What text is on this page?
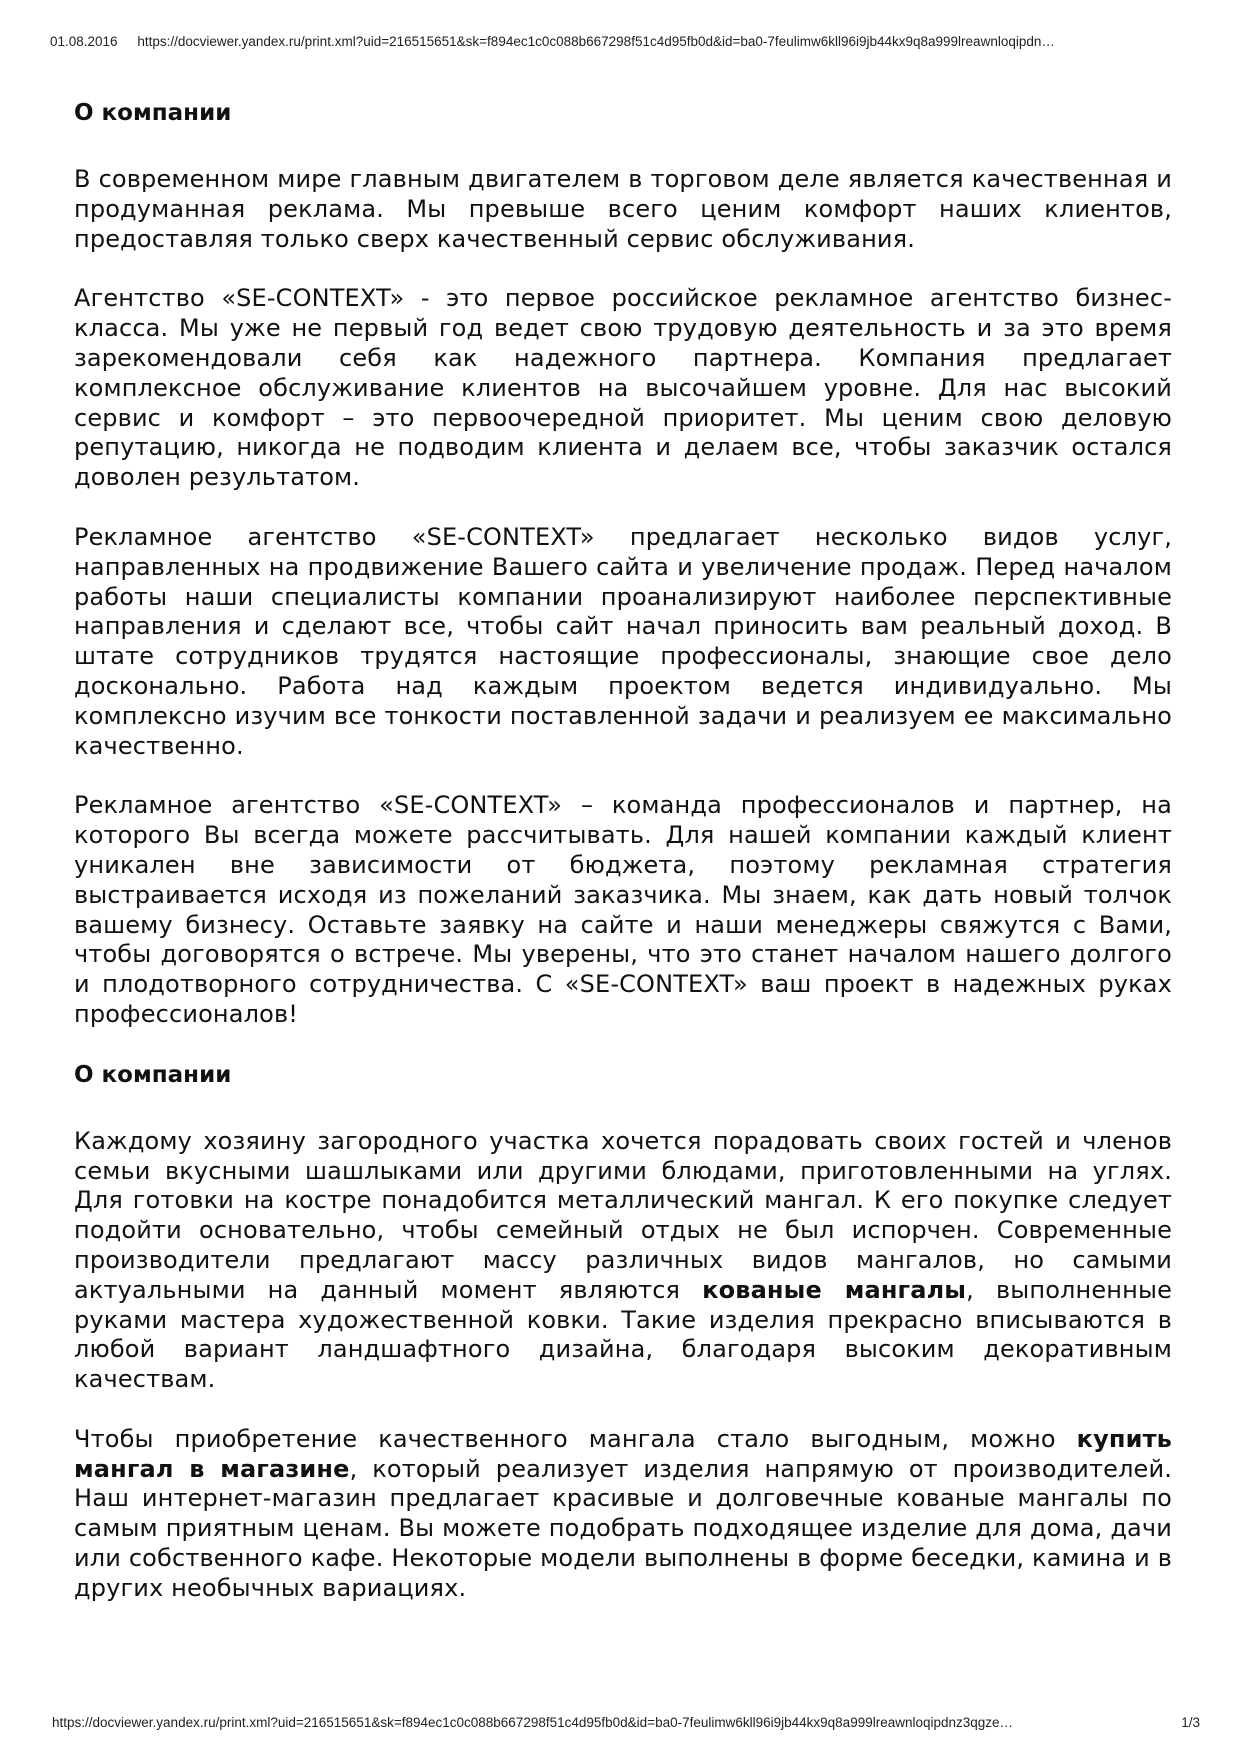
01.08.2016 https://docviewer.yandex.ru/print.xml?uid=216515651&sk=f894ec1c0c088b667298f51c4d95fb0d&id=ba0-7feulimw6kll96i9jb44kx9q8a999lreawnloqipdn…
О компании

В современном мире главным двигателем в торговом деле является качественная и продуманная реклама. Мы превыше всего ценим комфорт наших клиентов, предоставляя только сверх качественный сервис обслуживания.

Агентство «SE-CONTEXT» - это первое российское рекламное агентство бизнес-класса. Мы уже не первый год ведет свою трудовую деятельность и за это время зарекомендовали себя как надежного партнера. Компания предлагает комплексное обслуживание клиентов на высочайшем уровне. Для нас высокий сервис и комфорт – это первоочередной приоритет. Мы ценим свою деловую репутацию, никогда не подводим клиента и делаем все, чтобы заказчик остался доволен результатом.

Рекламное агентство «SE-CONTEXT» предлагает несколько видов услуг, направленных на продвижение Вашего сайта и увеличение продаж. Перед началом работы наши специалисты компании проанализируют наиболее перспективные направления и сделают все, чтобы сайт начал приносить вам реальный доход. В штате сотрудников трудятся настоящие профессионалы, знающие свое дело досконально. Работа над каждым проектом ведется индивидуально. Мы комплексно изучим все тонкости поставленной задачи и реализуем ее максимально качественно.

Рекламное агентство «SE-CONTEXT» – команда профессионалов и партнер, на которого Вы всегда можете рассчитывать. Для нашей компании каждый клиент уникален вне зависимости от бюджета, поэтому рекламная стратегия выстраивается исходя из пожеланий заказчика. Мы знаем, как дать новый толчок вашему бизнесу. Оставьте заявку на сайте и наши менеджеры свяжутся с Вами, чтобы договорятся о встрече. Мы уверены, что это станет началом нашего долгого и плодотворного сотрудничества. С «SE-CONTEXT» ваш проект в надежных руках профессионалов!

О компании

Каждому хозяину загородного участка хочется порадовать своих гостей и членов семьи вкусными шашлыками или другими блюдами, приготовленными на углях. Для готовки на костре понадобится металлический мангал. К его покупке следует подойти основательно, чтобы семейный отдых не был испорчен. Современные производители предлагают массу различных видов мангалов, но самыми актуальными на данный момент являются кованые мангалы, выполненные руками мастера художественной ковки. Такие изделия прекрасно вписываются в любой вариант ландшафтного дизайна, благодаря высоким декоративным качествам.

Чтобы приобретение качественного мангала стало выгодным, можно купить мангал в магазине, который реализует изделия напрямую от производителей. Наш интернет-магазин предлагает красивые и долговечные кованые мангалы по самым приятным ценам. Вы можете подобрать подходящее изделие для дома, дачи или собственного кафе. Некоторые модели выполнены в форме беседки, камина и в других необычных вариациях.

https://docviewer.yandex.ru/print.xml?uid=216515651&sk=f894ec1c0c088b667298f51c4d95fb0d&id=ba0-7feulimw6kll96i9jb44kx9q8a999lreawnloqipdnz3qgze…	1/3
